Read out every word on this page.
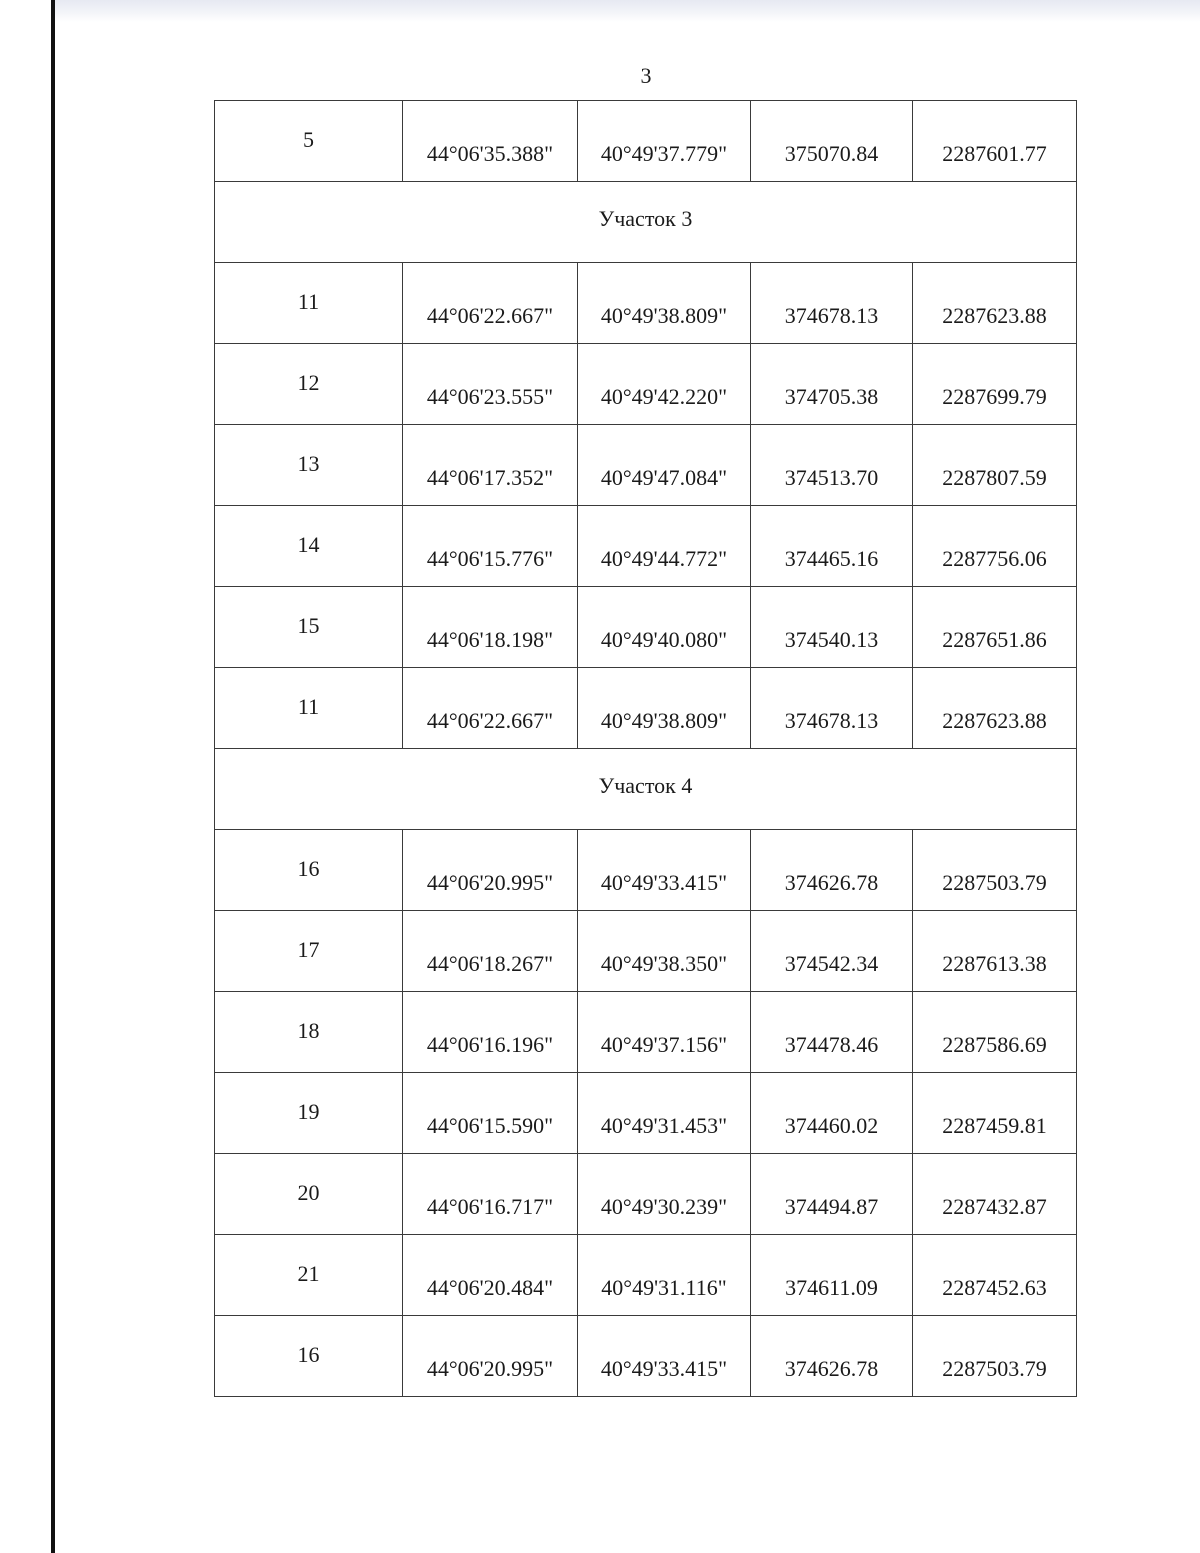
3
5	44°06'35.388"	40°49'37.779"	375070.84	2287601.77
Участок 3				
11	44°06'22.667"	40°49'38.809"	374678.13	2287623.88
12	44°06'23.555"	40°49'42.220"	374705.38	2287699.79
13	44°06'17.352"	40°49'47.084"	374513.70	2287807.59
14	44°06'15.776"	40°49'44.772"	374465.16	2287756.06
15	44°06'18.198"	40°49'40.080"	374540.13	2287651.86
11	44°06'22.667"	40°49'38.809"	374678.13	2287623.88
Участок 4				
16	44°06'20.995"	40°49'33.415"	374626.78	2287503.79
17	44°06'18.267"	40°49'38.350"	374542.34	2287613.38
18	44°06'16.196"	40°49'37.156"	374478.46	2287586.69
19	44°06'15.590"	40°49'31.453"	374460.02	2287459.81
20	44°06'16.717"	40°49'30.239"	374494.87	2287432.87
21	44°06'20.484"	40°49'31.116"	374611.09	2287452.63
16	44°06'20.995"	40°49'33.415"	374626.78	2287503.79
